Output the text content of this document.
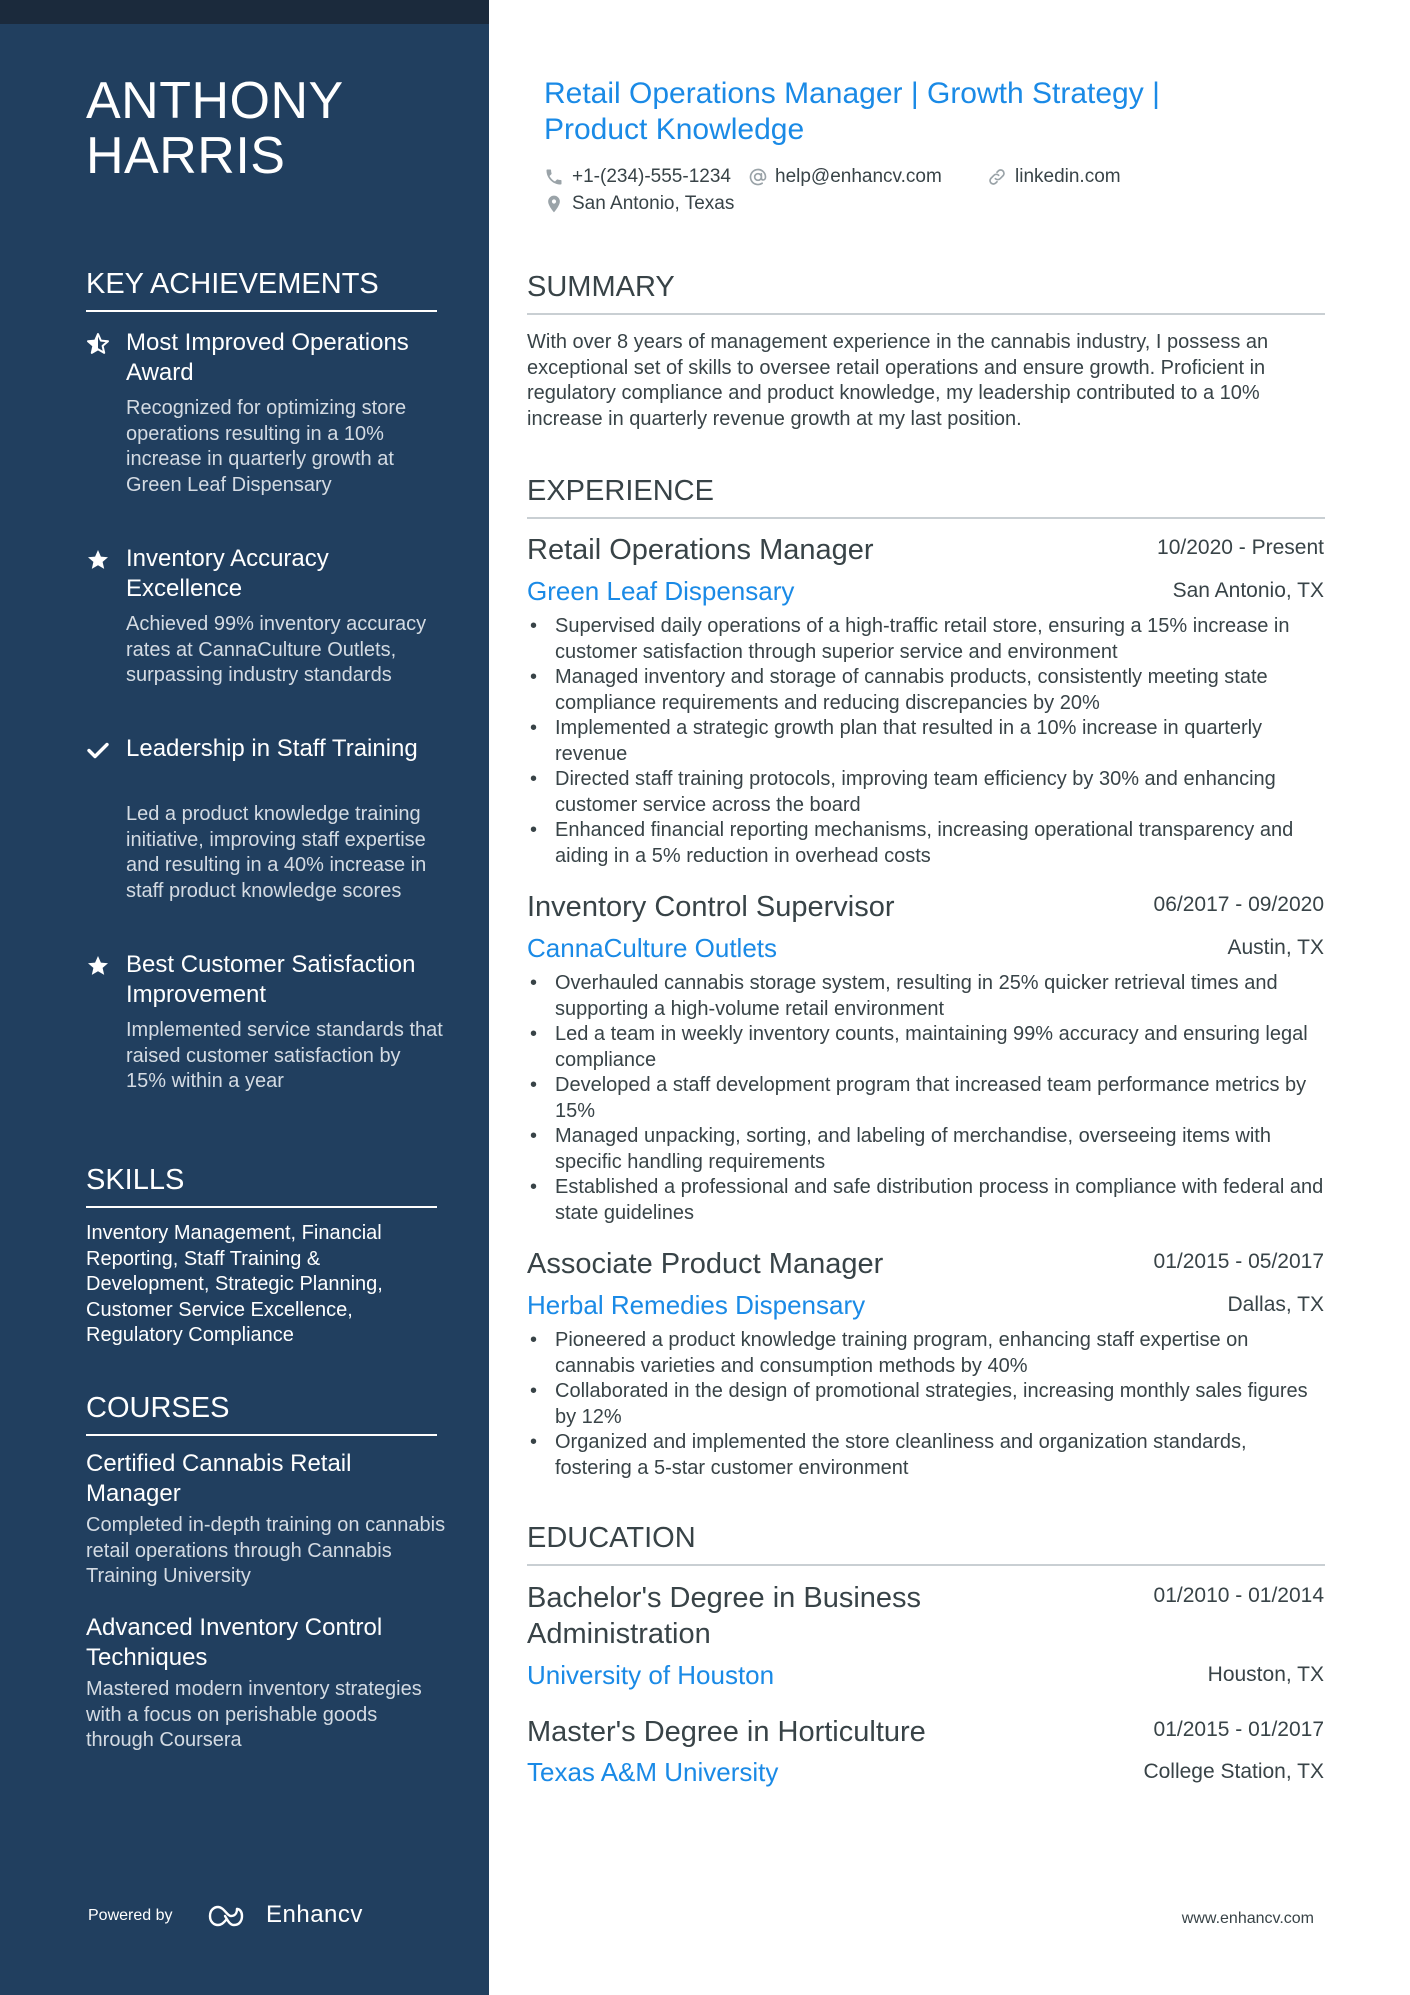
ANTHONY
HARRIS
KEY ACHIEVEMENTS
Most Improved Operations Award
Recognized for optimizing store operations resulting in a 10% increase in quarterly growth at Green Leaf Dispensary
Inventory Accuracy Excellence
Achieved 99% inventory accuracy rates at CannaCulture Outlets, surpassing industry standards
Leadership in Staff Training
Led a product knowledge training initiative, improving staff expertise and resulting in a 40% increase in staff product knowledge scores
Best Customer Satisfaction Improvement
Implemented service standards that raised customer satisfaction by 15% within a year
SKILLS
Inventory Management, Financial Reporting, Staff Training & Development, Strategic Planning, Customer Service Excellence, Regulatory Compliance
COURSES
Certified Cannabis Retail Manager
Completed in-depth training on cannabis retail operations through Cannabis Training University
Advanced Inventory Control Techniques
Mastered modern inventory strategies with a focus on perishable goods through Coursera
Powered by	Enhancv
Retail Operations Manager | Growth Strategy | Product Knowledge
+1-(234)-555-1234 help@enhancv.com	linkedin.com
San Antonio, Texas
SUMMARY
With over 8 years of management experience in the cannabis industry, I possess an exceptional set of skills to oversee retail operations and ensure growth. Proficient in regulatory compliance and product knowledge, my leadership contributed to a 10% increase in quarterly revenue growth at my last position.
EXPERIENCE
Retail Operations Manager	10/2020 - Present
Green Leaf Dispensary	San Antonio, TX
• Supervised daily operations of a high-traffic retail store, ensuring a 15% increase in customer satisfaction through superior service and environment
• Managed inventory and storage of cannabis products, consistently meeting state compliance requirements and reducing discrepancies by 20%
• Implemented a strategic growth plan that resulted in a 10% increase in quarterly revenue
• Directed staff training protocols, improving team efficiency by 30% and enhancing customer service across the board
• Enhanced financial reporting mechanisms, increasing operational transparency and aiding in a 5% reduction in overhead costs
Inventory Control Supervisor	06/2017 - 09/2020
CannaCulture Outlets	Austin, TX
• Overhauled cannabis storage system, resulting in 25% quicker retrieval times and supporting a high-volume retail environment
• Led a team in weekly inventory counts, maintaining 99% accuracy and ensuring legal compliance
• Developed a staff development program that increased team performance metrics by 15%
• Managed unpacking, sorting, and labeling of merchandise, overseeing items with specific handling requirements
• Established a professional and safe distribution process in compliance with federal and state guidelines
Associate Product Manager	01/2015 - 05/2017
Herbal Remedies Dispensary	Dallas, TX
• Pioneered a product knowledge training program, enhancing staff expertise on cannabis varieties and consumption methods by 40%
• Collaborated in the design of promotional strategies, increasing monthly sales figures by 12%
• Organized and implemented the store cleanliness and organization standards, fostering a 5-star customer environment
EDUCATION
Bachelor's Degree in Business Administration
01/2010 - 01/2014
University of Houston	Houston, TX
Master's Degree in Horticulture	01/2015 - 01/2017
Texas A&M University	College Station, TX
www.enhancv.com
